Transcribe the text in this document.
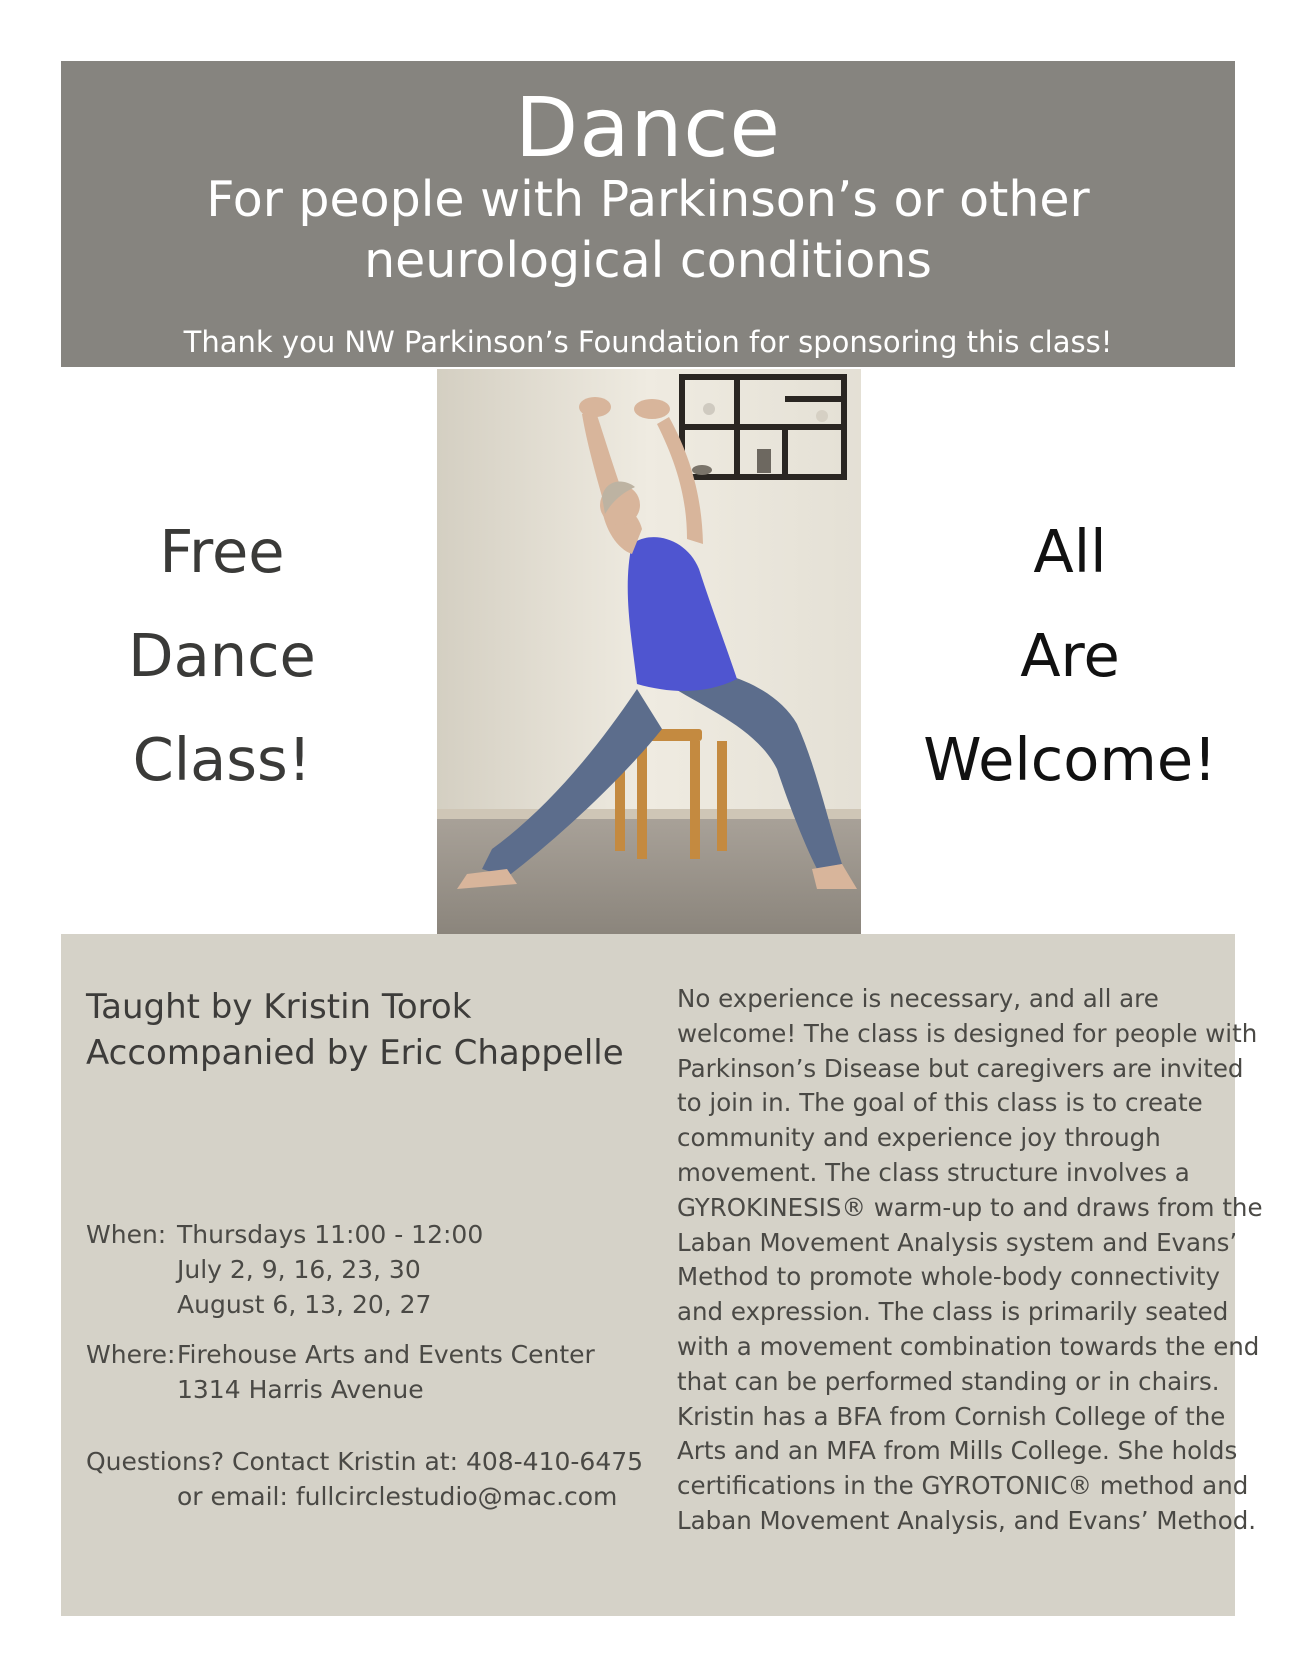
Dance
For people with Parkinson’s or other neurological conditions
Thank you NW Parkinson’s Foundation for sponsoring this class!
Free
Dance
Class!
All
Are
Welcome!
Taught by Kristin Torok
Accompanied by Eric Chappelle
When: Thursdays 11:00 - 12:00
July 2, 9, 16, 23, 30
August 6, 13, 20, 27
Where: Firehouse Arts and Events Center
1314 Harris Avenue
Questions? Contact Kristin at: 408-410-6475
or email: fullcirclestudio@mac.com
No experience is necessary, and all are
welcome! The class is designed for people with
Parkinson’s Disease but caregivers are invited
to join in. The goal of this class is to create
community and experience joy through
movement. The class structure involves a
GYROKINESIS® warm-up to and draws from the
Laban Movement Analysis system and Evans’
Method to promote whole-body connectivity
and expression. The class is primarily seated
with a movement combination towards the end
that can be performed standing or in chairs.
Kristin has a BFA from Cornish College of the
Arts and an MFA from Mills College. She holds
certifications in the GYROTONIC® method and
Laban Movement Analysis, and Evans’ Method.
